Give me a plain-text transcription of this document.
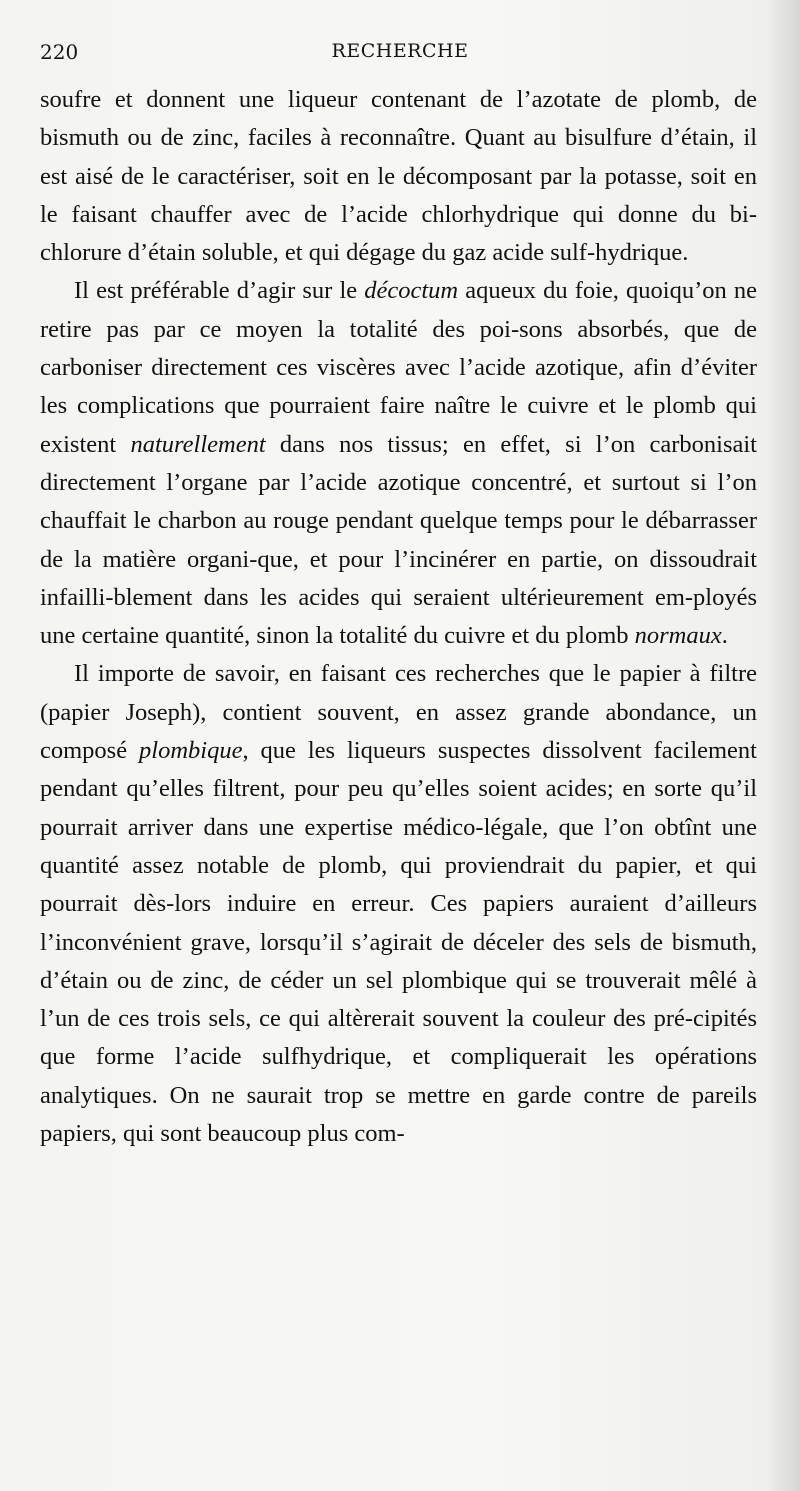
220	RECHERCHE

soufre et donnent une liqueur contenant de l’azotate de plomb, de bismuth ou de zinc, faciles à reconnaître. Quant au bisulfure d’étain, il est aisé de le caractériser, soit en le décomposant par la potasse, soit en le faisant chauffer avec de l’acide chlorhydrique qui donne du bi-chlorure d’étain soluble, et qui dégage du gaz acide sulf-hydrique.

Il est préférable d’agir sur le décoctum aqueux du foie, quoiqu’on ne retire pas par ce moyen la totalité des poi-sons absorbés, que de carboniser directement ces viscères avec l’acide azotique, afin d’éviter les complications que pourraient faire naître le cuivre et le plomb qui existent naturellement dans nos tissus; en effet, si l’on carbonisait directement l’organe par l’acide azotique concentré, et surtout si l’on chauffait le charbon au rouge pendant quelque temps pour le débarrasser de la matière organi-que, et pour l’incinérer en partie, on dissoudrait infailli-blement dans les acides qui seraient ultérieurement em-ployés une certaine quantité, sinon la totalité du cuivre et du plomb normaux.

Il importe de savoir, en faisant ces recherches que le papier à filtre (papier Joseph), contient souvent, en assez grande abondance, un composé plombique, que les liqueurs suspectes dissolvent facilement pendant qu’elles filtrent, pour peu qu’elles soient acides; en sorte qu’il pourrait arriver dans une expertise médico-légale, que l’on obtînt une quantité assez notable de plomb, qui proviendrait du papier, et qui pourrait dès-lors induire en erreur. Ces papiers auraient d’ailleurs l’inconvénient grave, lorsqu’il s’agirait de déceler des sels de bismuth, d’étain ou de zinc, de céder un sel plombique qui se trouverait mêlé à l’un de ces trois sels, ce qui altèrerait souvent la couleur des pré-cipités que forme l’acide sulfhydrique, et compliquerait les opérations analytiques. On ne saurait trop se mettre en garde contre de pareils papiers, qui sont beaucoup plus com-
